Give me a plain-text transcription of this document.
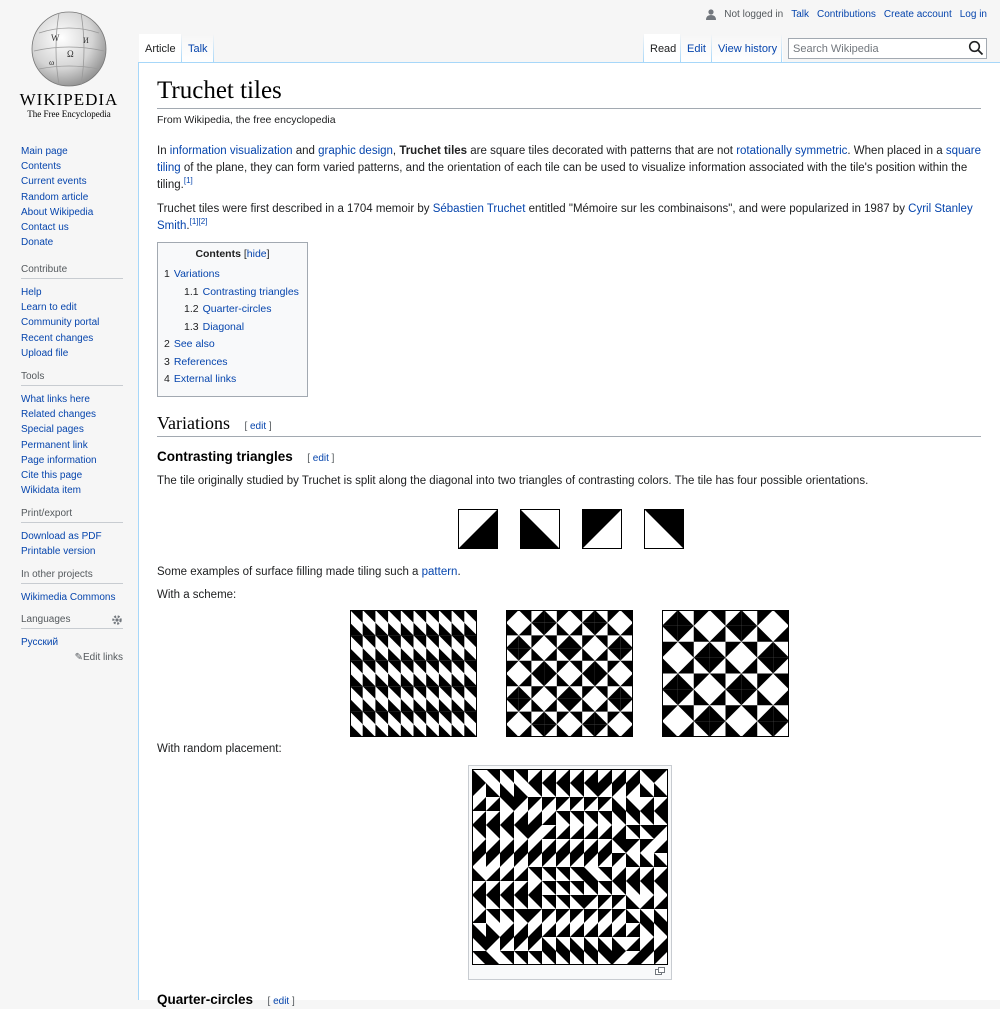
W
Ω
И
ω
WIKIPEDIA
The Free Encyclopedia
Main page
Contents
Current events
Random article
About Wikipedia
Contact us
Donate
Contribute
Help
Learn to edit
Community portal
Recent changes
Upload file
Tools
What links here
Related changes
Special pages
Permanent link
Page information
Cite this page
Wikidata item
Print/export
Download as PDF
Printable version
In other projects
Wikimedia Commons
Languages
Русский
✎Edit links
Not logged in Talk Contributions Create account Log in
Article	Talk	Read Edit	View history
Search Wikipedia
Truchet tiles
From Wikipedia, the free encyclopedia

In information visualization and graphic design, Truchet tiles are square tiles decorated with patterns that are not rotationally symmetric. When placed in a square tiling of the plane, they can form varied patterns, and the orientation of each tile can be used to visualize information associated with the tile's position within the tiling.[1]

Truchet tiles were first described in a 1704 memoir by Sébastien Truchet entitled "Mémoire sur les combinaisons", and were popularized in 1987 by Cyril Stanley Smith.[1][2]

Contents [hide]
1 Variations
1.1 Contrasting triangles
1.2 Quarter-circles
1.3 Diagonal
2 See also
3 References
4 External links
Variations [ edit ]
Contrasting triangles [ edit ]

The tile originally studied by Truchet is split along the diagonal into two triangles of contrasting colors. The tile has four possible orientations.

Some examples of surface filling made tiling such a pattern.

With a scheme:

With random placement:

Quarter-circles [ edit ]
